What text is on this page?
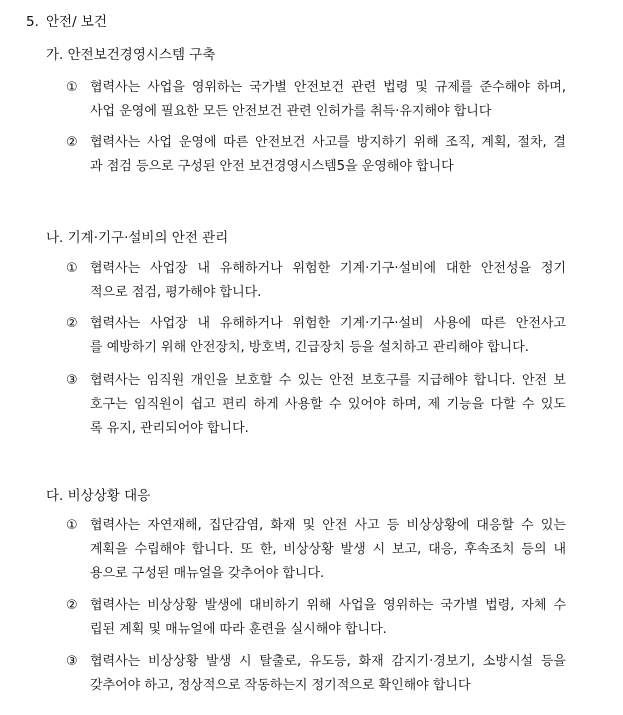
5. 안전/ 보건
가. 안전보건경영시스템 구축
① 협력사는 사업을 영위하는 국가별 안전보건 관련 법령 및 규제를 준수해야 하며,
사업 운영에 필요한 모든 안전보건 관련 인허가를 취득·유지해야 합니다
② 협력사는 사업 운영에 따른 안전보건 사고를 방지하기 위해 조직, 계획, 절차, 결
과 점검 등으로 구성된 안전 보건경영시스템5을 운영해야 합니다
나. 기계·기구·설비의 안전 관리
① 협력사는 사업장 내 유해하거나 위험한 기계·기구·설비에 대한 안전성을 정기
적으로 점검, 평가해야 합니다.
② 협력사는 사업장 내 유해하거나 위험한 기계·기구·설비 사용에 따른 안전사고
를 예방하기 위해 안전장치, 방호벽, 긴급장치 등을 설치하고 관리해야 합니다.
③ 협력사는 임직원 개인을 보호할 수 있는 안전 보호구를 지급해야 합니다. 안전 보
호구는 임직원이 쉽고 편리 하게 사용할 수 있어야 하며, 제 기능을 다할 수 있도
록 유지, 관리되어야 합니다.
다. 비상상황 대응
① 협력사는 자연재해, 집단감염, 화재 및 안전 사고 등 비상상황에 대응할 수 있는
계획을 수립해야 합니다. 또 한, 비상상황 발생 시 보고, 대응, 후속조치 등의 내
용으로 구성된 매뉴얼을 갖추어야 합니다.
② 협력사는 비상상황 발생에 대비하기 위해 사업을 영위하는 국가별 법령, 자체 수
립된 계획 및 매뉴얼에 따라 훈련을 실시해야 합니다.
③ 협력사는 비상상황 발생 시 탈출로, 유도등, 화재 감지기·경보기, 소방시설 등을
갖추어야 하고, 정상적으로 작동하는지 정기적으로 확인해야 합니다
